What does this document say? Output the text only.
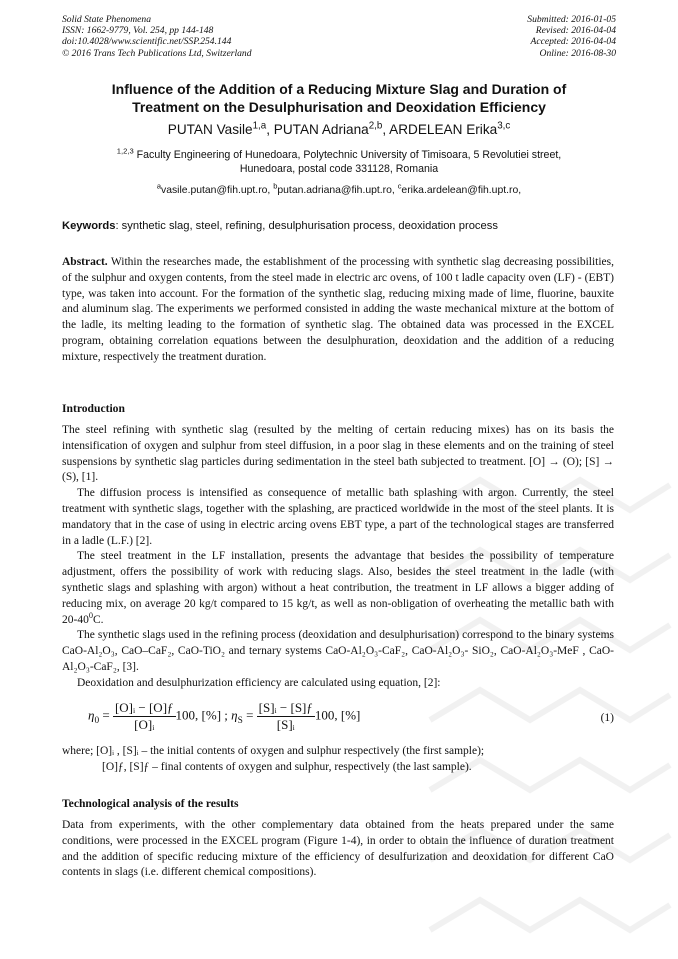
Solid State Phenomena
ISSN: 1662-9779, Vol. 254, pp 144-148
doi:10.4028/www.scientific.net/SSP.254.144
© 2016 Trans Tech Publications Ltd, Switzerland
Submitted: 2016-01-05
Revised: 2016-04-04
Accepted: 2016-04-04
Online: 2016-08-30
Influence of the Addition of a Reducing Mixture Slag and Duration of
Treatment on the Desulphurisation and Deoxidation Efficiency
PUTAN Vasile$^{1,a}$, PUTAN Adriana$^{2,b}$, ARDELEAN Erika$^{3,c}$
$^{1,2,3}$ Faculty Engineering of Hunedoara, Polytechnic University of Timisoara, 5 Revolutiei street,
Hunedoara, postal code 331128, Romania
$^a$vasile.putan@fih.upt.ro, $^b$putan.adriana@fih.upt.ro, $^c$erika.ardelean@fih.upt.ro,
Keywords: synthetic slag, steel, refining, desulphurisation process, deoxidation process

Abstract. Within the researches made, the establishment of the processing with synthetic slag decreasing possibilities, of the sulphur and oxygen contents, from the steel made in electric arc ovens, of 100 t ladle capacity oven (LF) - (EBT) type, was taken into account. For the formation of the synthetic slag, reducing mixing made of lime, fluorine, bauxite and aluminum slag. The experiments we performed consisted in adding the waste mechanical mixture at the bottom of the ladle, its melting leading to the formation of synthetic slag. The obtained data was processed in the EXCEL program, obtaining correlation equations between the desulphuration, deoxidation and the addition of a reducing mixture, respectively the treatment duration.

Introduction

The steel refining with synthetic slag (resulted by the melting of certain reducing mixes) has on its basis the intensification of oxygen and sulphur from steel diffusion, in a poor slag in these elements and on the training of steel suspensions by synthetic slag particles during sedimentation in the steel bath subjected to treatment. [O] → (O); [S] → (S), [1].

The diffusion process is intensified as consequence of metallic bath splashing with argon. Currently, the steel treatment with synthetic slags, together with the splashing, are practiced worldwide in the most of the steel plants. It is mandatory that in the case of using in electric arcing ovens EBT type, a part of the technological stages are transferred in a ladle (L.F.) [2].

The steel treatment in the LF installation, presents the advantage that besides the possibility of temperature adjustment, offers the possibility of work with reducing slags. Also, besides the steel treatment in the ladle (with synthetic slags and splashing with argon) without a heat contribution, the treatment in LF allows a bigger adding of reducing mix, on average 20 kg/t compared to 15 kg/t, as well as non-obligation of overheating the metallic bath with $20-40^0C$.

The synthetic slags used in the refining process (deoxidation and desulphurisation) correspond to the binary systems CaO-Al₂O₃, CaO–CaF₂, CaO-TiO₂ and ternary systems CaO-Al₂O₃-CaF₂, CaO-Al₂O₃- SiO₂, CaO-Al₂O₃-MeF , CaO-Al₂O₃-CaF₂, [3].

Deoxidation and desulphurization efficiency are calculated using equation, [2]:

$\eta_0 = \frac{\text{[O]ᵢ − [O]ƒ}}{\text{[O]ᵢ}} 100$, [%] ; $\eta_S = \frac{\text{[S]ᵢ − [S]ƒ}}{\text{[S]ᵢ}} 100$, [%]	(1)
where; [O]ᵢ , [S]ᵢ – the initial contents of oxygen and sulphur respectively (the first sample);
[O]ƒ, [S]ƒ – final contents of oxygen and sulphur, respectively (the last sample).
Technological analysis of the results

Data from experiments, with the other complementary data obtained from the heats prepared under the same conditions, were processed in the EXCEL program (Figure 1-4), in order to obtain the influence of duration treatment and the addition of specific reducing mixture of the efficiency of desulfurization and deoxidation for different CaO contents in slags (i.e. different chemical compositions).
